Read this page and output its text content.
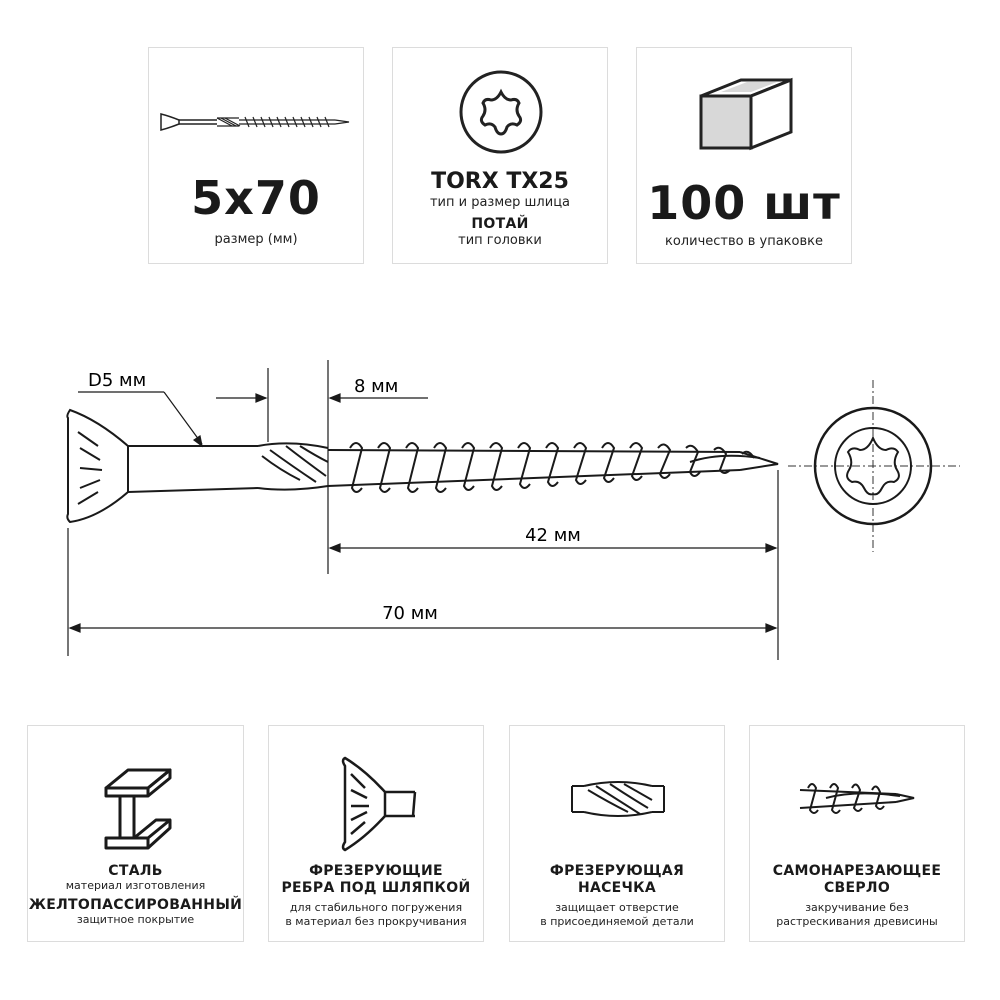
5x70
размер (мм)
TORX TX25
тип и размер шлица
ПОТАЙ
тип головки
100 шт
количество в упаковке
D5 мм	8 мм
42 мм
70 мм
СТАЛЬ
материал изготовления
ЖЕЛТОПАССИРОВАННЫЙ
защитное покрытие
ФРЕЗЕРУЮЩИЕ
РЕБРА ПОД ШЛЯПКОЙ
для стабильного погружения
в материал без прокручивания
ФРЕЗЕРУЮЩАЯ
НАСЕЧКА
защищает отверстие
в присоединяемой детали
САМОНАРЕЗАЮЩЕЕ
СВЕРЛО
закручивание без
растрескивания древисины
